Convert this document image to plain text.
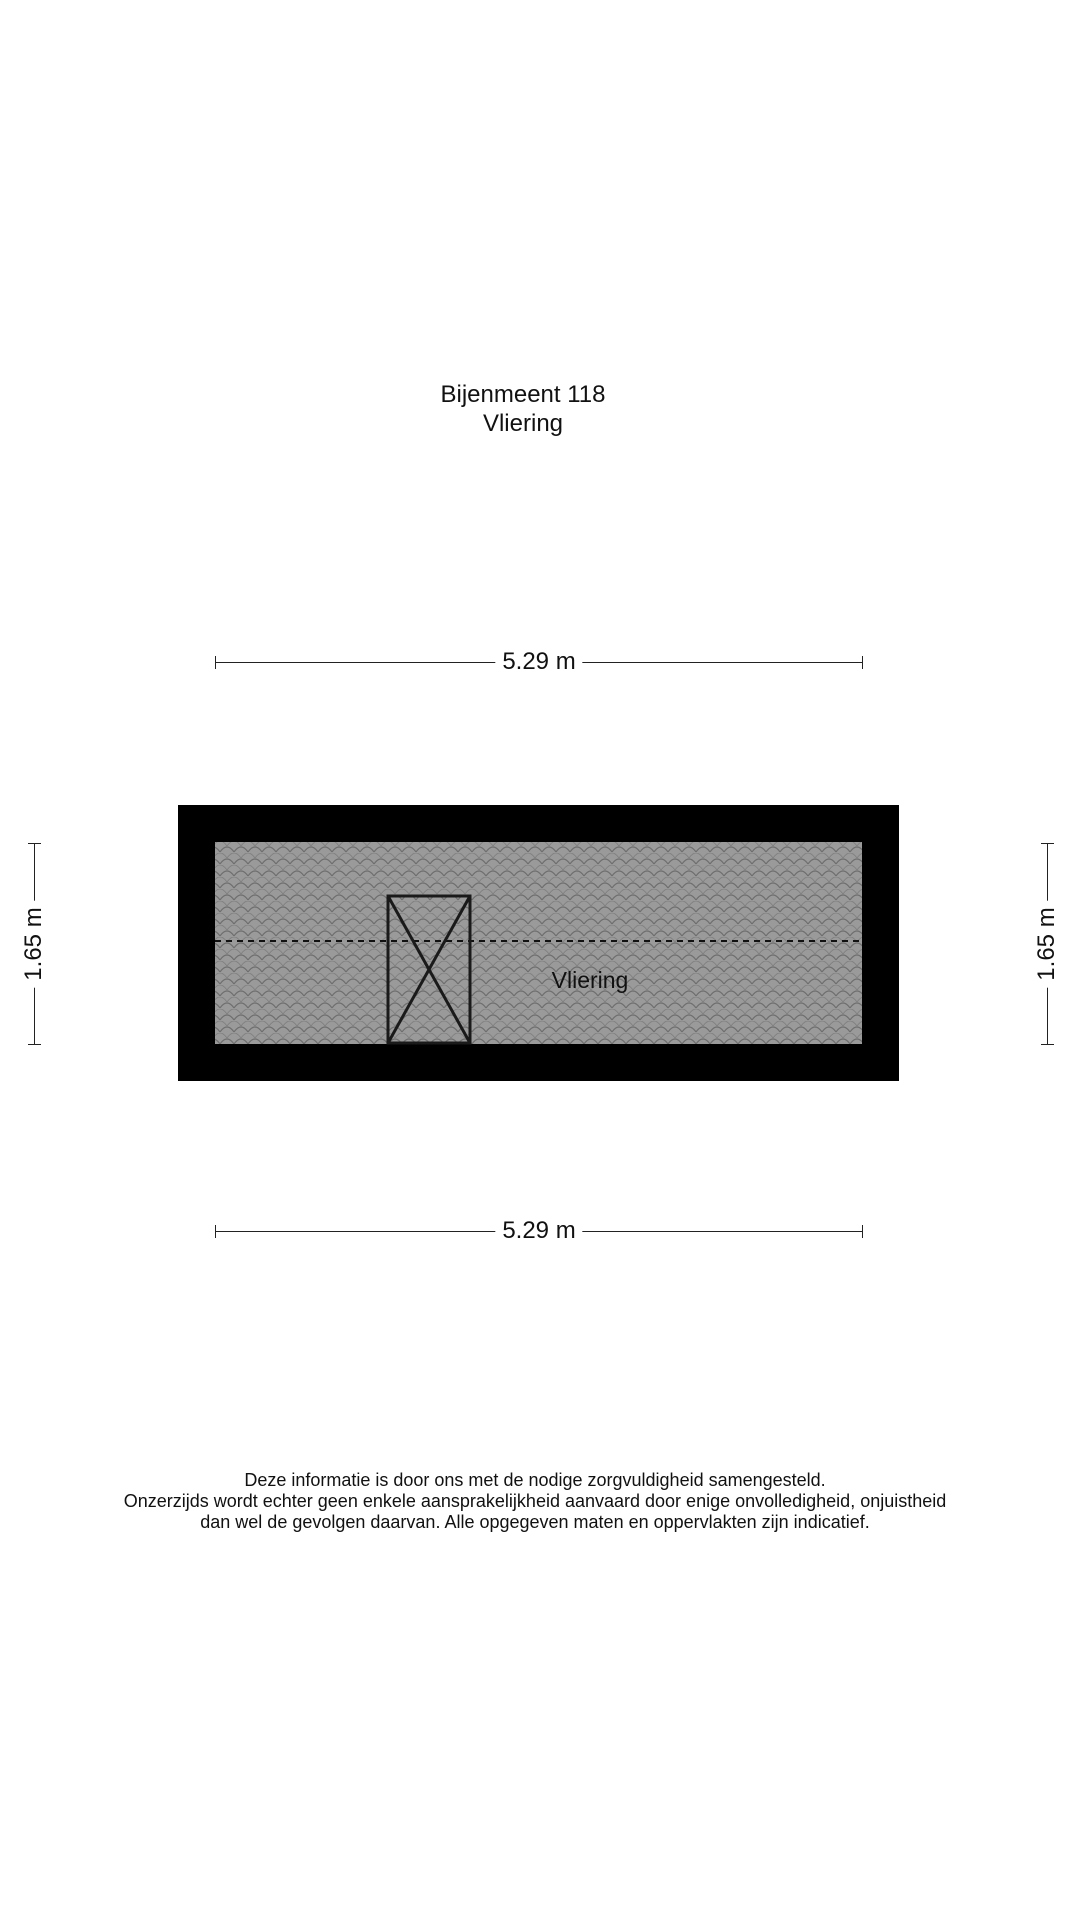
Bijenmeent 118
Vliering
5.29 m
1.65 m	1.65 m
Vliering
5.29 m
Deze informatie is door ons met de nodige zorgvuldigheid samengesteld.
Onzerzijds wordt echter geen enkele aansprakelijkheid aanvaard door enige onvolledigheid, onjuistheid
dan wel de gevolgen daarvan. Alle opgegeven maten en oppervlakten zijn indicatief.
